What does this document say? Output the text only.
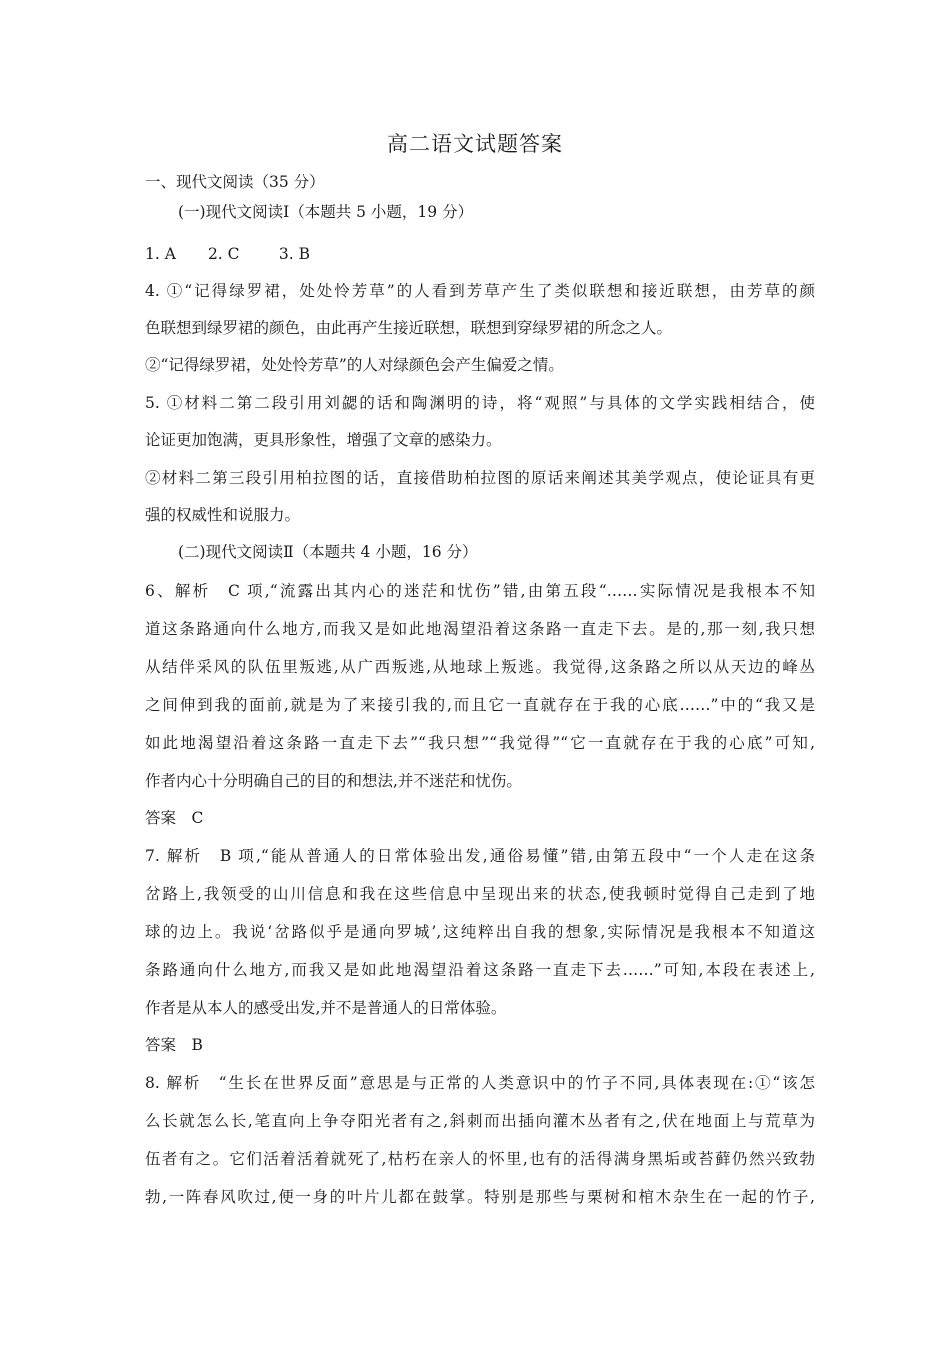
高二语文试题答案
一、现代文阅读（35 分）
(一)现代文阅读Ⅰ（本题共 5 小题，19 分）
1. A 2. C	3. B
4. ①“记得绿罗裙，处处怜芳草”的人看到芳草产生了类似联想和接近联想，由芳草的颜
色联想到绿罗裙的颜色，由此再产生接近联想，联想到穿绿罗裙的所念之人。
②“记得绿罗裙，处处怜芳草”的人对绿颜色会产生偏爱之情。
5. ①材料二第二段引用刘勰的话和陶渊明的诗，将“观照”与具体的文学实践相结合，使
论证更加饱满，更具形象性，增强了文章的感染力。
②材料二第三段引用柏拉图的话，直接借助柏拉图的原话来阐述其美学观点，使论证具有更
强的权威性和说服力。
(二)现代文阅读Ⅱ（本题共 4 小题，16 分）
6、解析　C 项,“流露出其内心的迷茫和忧伤”错,由第五段“……实际情况是我根本不知
道这条路通向什么地方,而我又是如此地渴望沿着这条路一直走下去。是的,那一刻,我只想
从结伴采风的队伍里叛逃,从广西叛逃,从地球上叛逃。我觉得,这条路之所以从天边的峰丛
之间伸到我的面前,就是为了来接引我的,而且它一直就存在于我的心底……”中的“我又是
如此地渴望沿着这条路一直走下去”“我只想”“我觉得”“它一直就存在于我的心底”可知,
作者内心十分明确自己的目的和想法,并不迷茫和忧伤。
答案　C
7. 解析　B 项,“能从普通人的日常体验出发,通俗易懂”错,由第五段中“一个人走在这条
岔路上,我领受的山川信息和我在这些信息中呈现出来的状态,使我顿时觉得自己走到了地
球的边上。我说‘岔路似乎是通向罗城’,这纯粹出自我的想象,实际情况是我根本不知道这
条路通向什么地方,而我又是如此地渴望沿着这条路一直走下去……”可知,本段在表述上,
作者是从本人的感受出发,并不是普通人的日常体验。
答案　B
8. 解析　“生长在世界反面”意思是与正常的人类意识中的竹子不同,具体表现在:①“该怎
么长就怎么长,笔直向上争夺阳光者有之,斜刺而出插向灌木丛者有之,伏在地面上与荒草为
伍者有之。它们活着活着就死了,枯朽在亲人的怀里,也有的活得满身黑垢或苔藓仍然兴致勃
勃,一阵春风吹过,便一身的叶片儿都在鼓掌。特别是那些与栗树和棺木杂生在一起的竹子,
